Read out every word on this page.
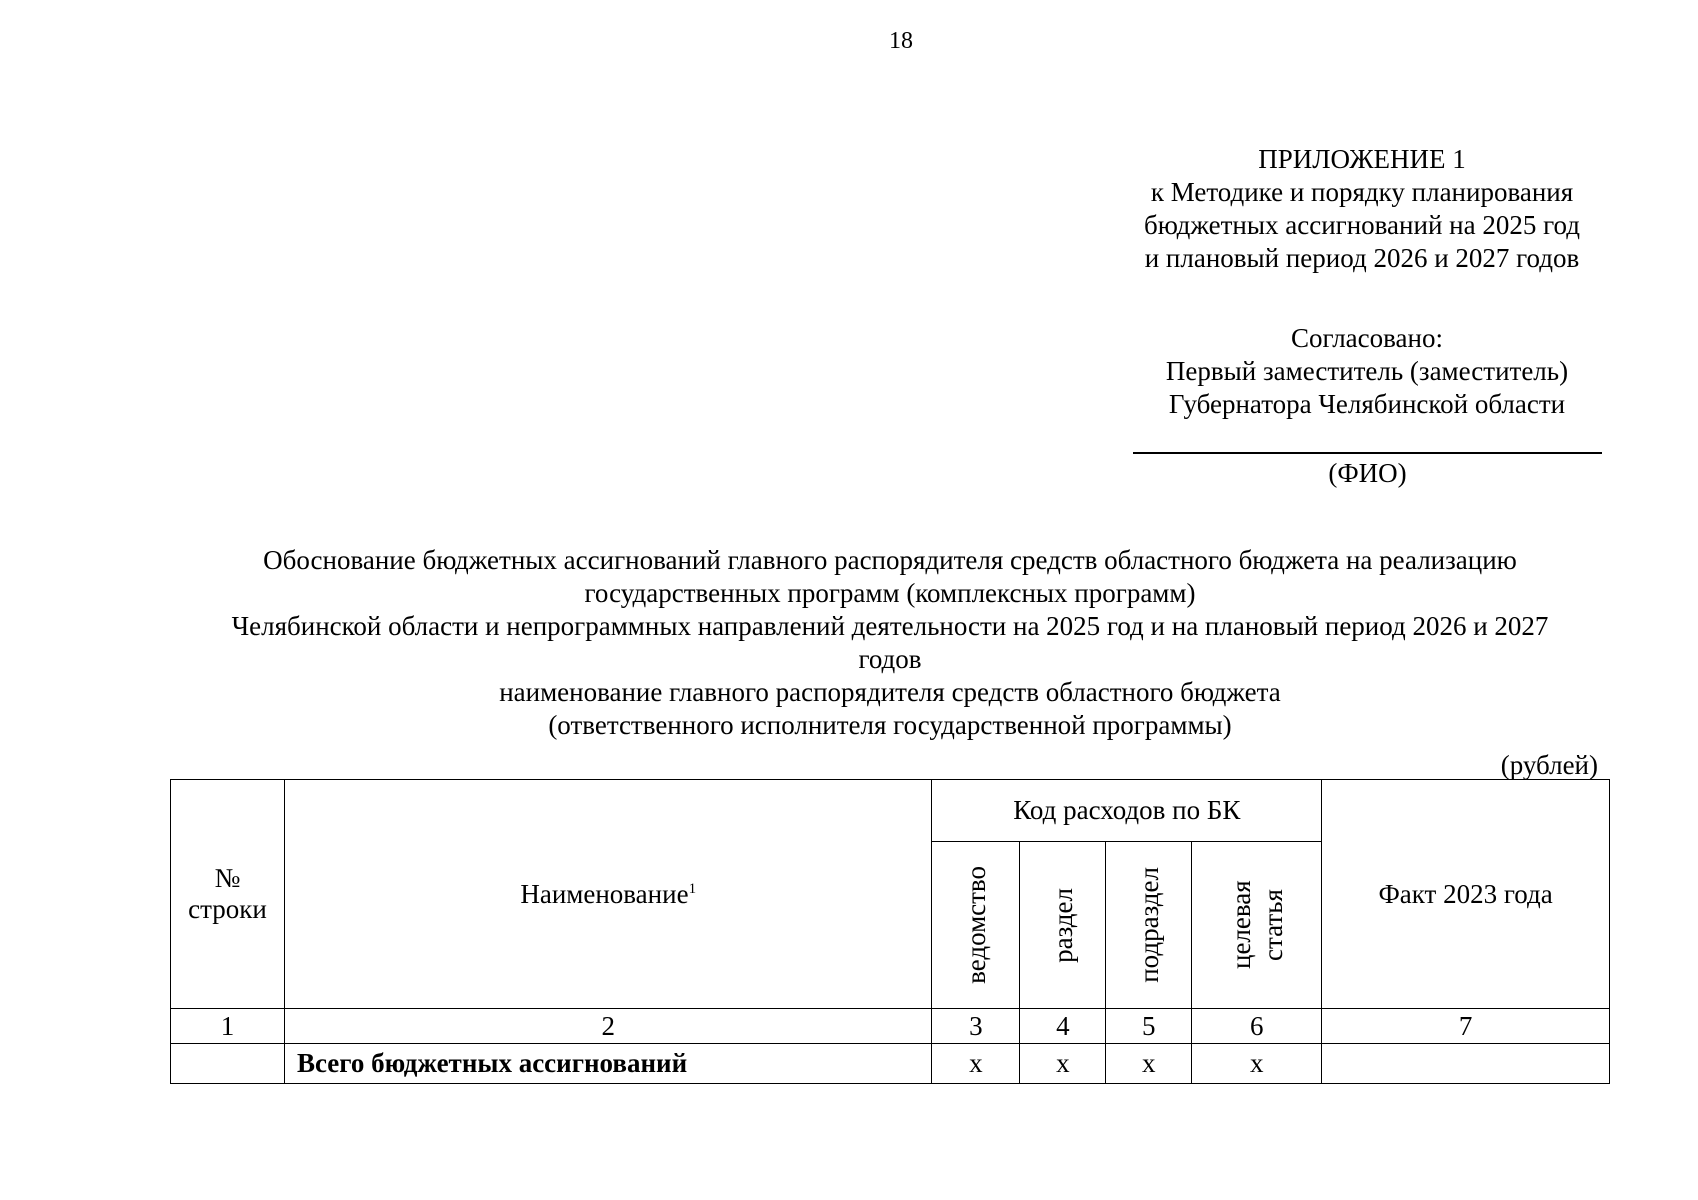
18
ПРИЛОЖЕНИЕ 1
к Методике и порядку планирования
бюджетных ассигнований на 2025 год
и плановый период 2026 и 2027 годов
Согласовано:
Первый заместитель (заместитель)
Губернатора Челябинской области
(ФИО)
Обоснование бюджетных ассигнований главного распорядителя средств областного бюджета на реализацию
государственных программ (комплексных программ)
Челябинской области и непрограммных направлений деятельности на 2025 год и на плановый период 2026 и 2027
годов
наименование главного распорядителя средств областного бюджета
(ответственного исполнителя государственной программы)
(рублей)
№
строки	Наименование$^1$	Код расходов по БК				Факт 2023 года

		ведомство	раздел	подраздел	целевая статья	

1	2	3	4	5	6	7
	Всего бюджетных ассигнований	x	x	x	x	
